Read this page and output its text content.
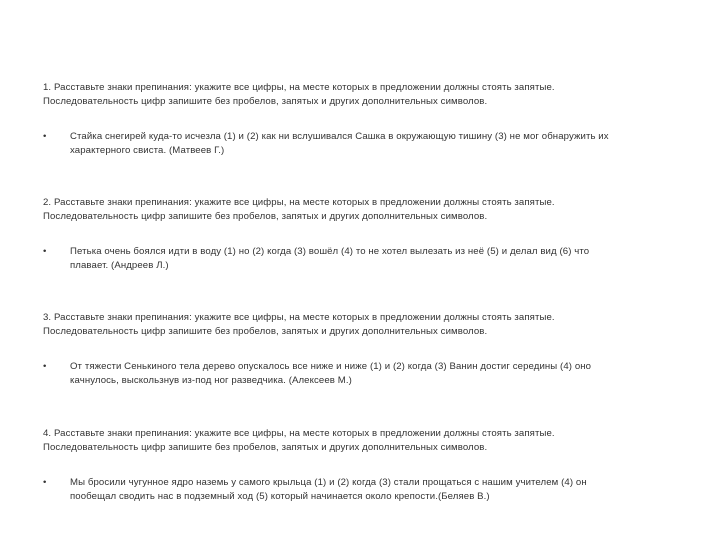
1. Расставьте знаки препинания: укажите все цифры, на месте которых в предложении должны стоять запятые.
Последовательность цифр запишите без пробелов, запятых и других дополнительных символов.

•	Стайка снегирей куда-то исчезла (1) и (2) как ни вслушивался Сашка в окружающую тишину (3) не мог обнаружить их
характерного свиста. (Матвеев Г.)

2. Расставьте знаки препинания: укажите все цифры, на месте которых в предложении должны стоять запятые.
Последовательность цифр запишите без пробелов, запятых и других дополнительных символов.

•	Петька очень боялся идти в воду (1) но (2) когда (3) вошёл (4) то не хотел вылезать из неё (5) и делал вид (6) что
плавает. (Андреев Л.)

3. Расставьте знаки препинания: укажите все цифры, на месте которых в предложении должны стоять запятые.
Последовательность цифр запишите без пробелов, запятых и других дополнительных символов.

•	От тяжести Сенькиного тела дерево опускалось все ниже и ниже (1) и (2) когда (3) Ванин достиг середины (4) оно
качнулось, выскользнув из-под ног разведчика. (Алексеев М.)

4. Расставьте знаки препинания: укажите все цифры, на месте которых в предложении должны стоять запятые.
Последовательность цифр запишите без пробелов, запятых и других дополнительных символов.

•	Мы бросили чугунное ядро наземь у самого крыльца (1) и (2) когда (3) стали прощаться с нашим учителем (4) он
пообещал сводить нас в подземный ход (5) который начинается около крепости.(Беляев В.)
